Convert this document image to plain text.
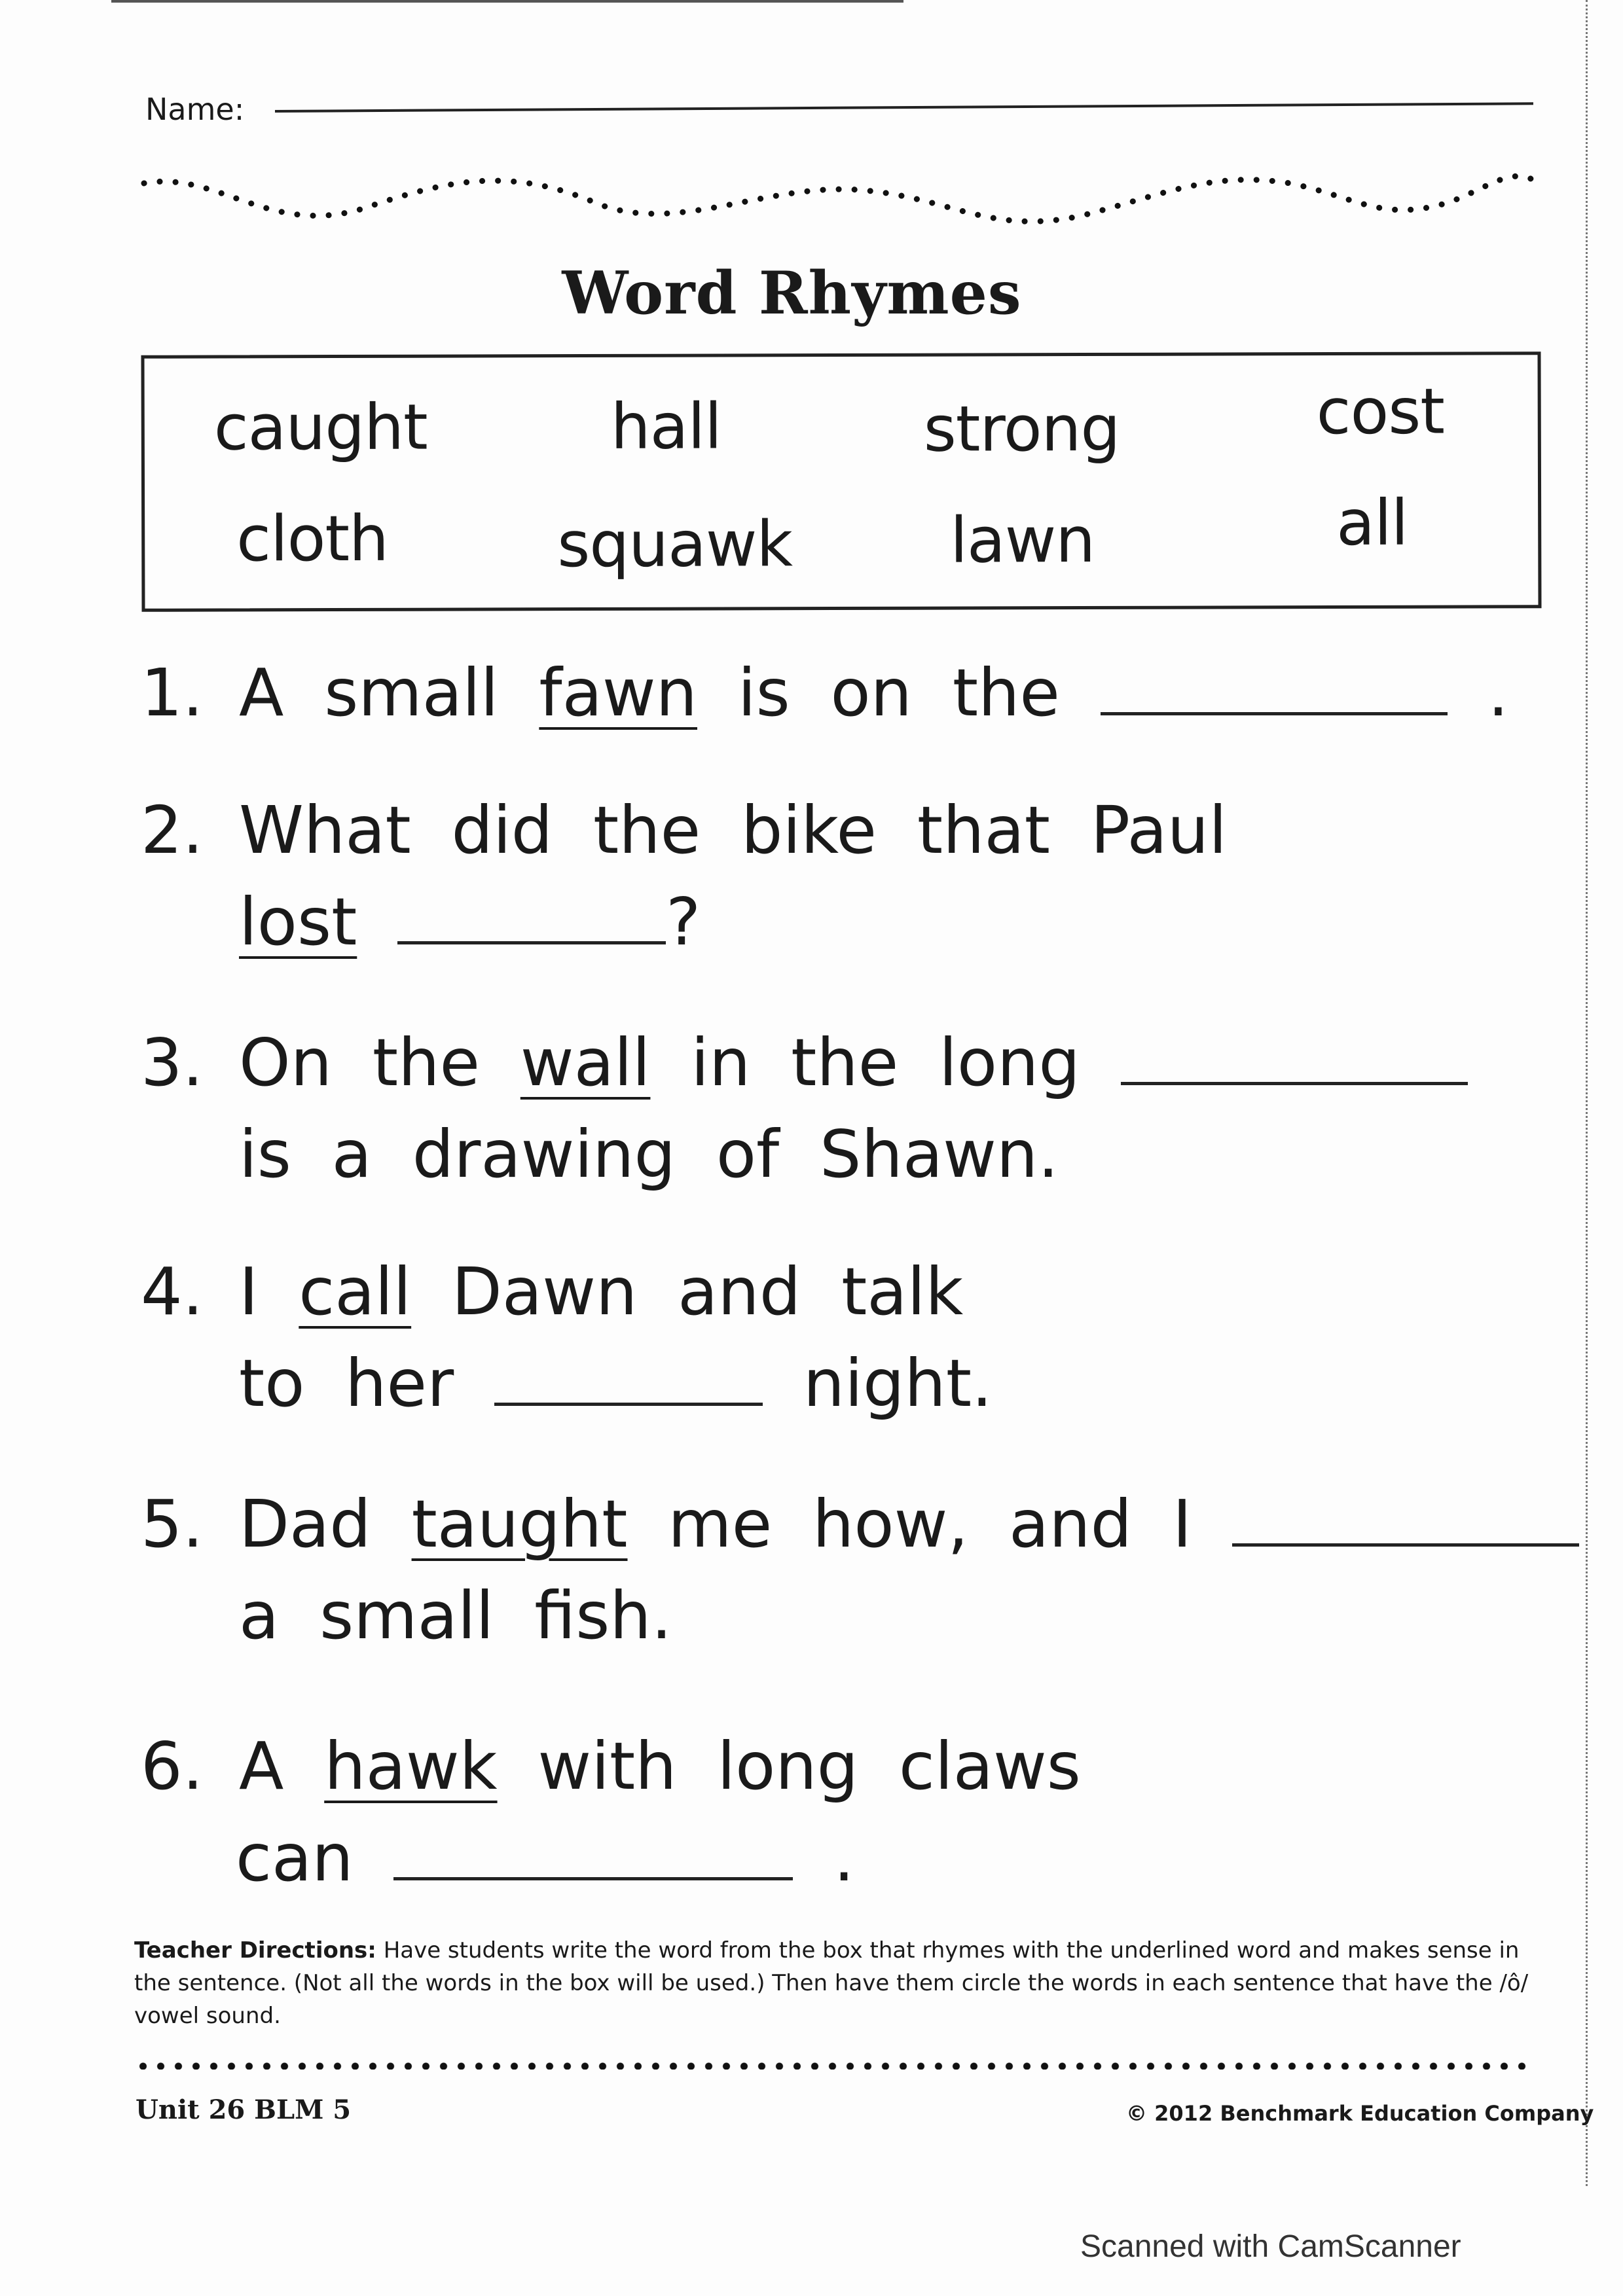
Name:
Word Rhymes
caught	hall	strong	cost
cloth	squawk	lawn	all
1. A small fawn is on the	.
2. What did the bike that Paul
lost	?
3. On the wall in the long
is a drawing of Shawn.
4. I call Dawn and talk
to her	night.
5. Dad taught me how, and I
a small fish.
6. A hawk with long claws
can	.
Teacher Directions: Have students write the word from the box that rhymes with the underlined word and makes sense in the sentence. (Not all the words in the box will be used.) Then have them circle the words in each sentence that have the /ô/ vowel sound.
Unit 26 BLM 5	© 2012 Benchmark Education Company
Scanned with CamScanner
